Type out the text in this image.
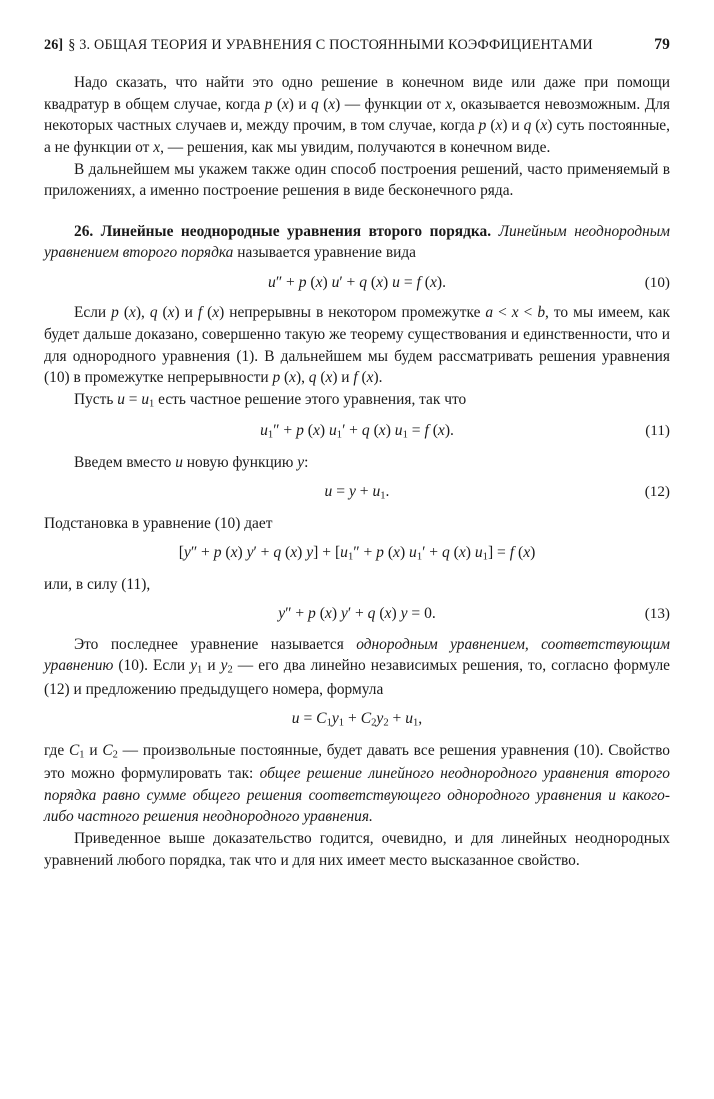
26] § 3. ОБЩАЯ ТЕОРИЯ И УРАВНЕНИЯ С ПОСТОЯННЫМИ КОЭФФИЦИЕНТАМИ	79

Надо сказать, что найти это одно решение в конечном виде или даже при помощи квадратур в общем случае, когда p (x) и q (x) — функции от x, оказывается невозможным. Для некоторых частных случаев и, между прочим, в том случае, когда p (x) и q (x) суть постоянные, а не функции от x, — решения, как мы увидим, получаются в конечном виде.

В дальнейшем мы укажем также один способ построения решений, часто применяемый в приложениях, а именно построение решения в виде бесконечного ряда.

26. Линейные неоднородные уравнения второго порядка. Линейным неоднородным уравнением второго порядка называется уравнение вида
u″ + p (x) u′ + q (x) u = f (x).	(10)

Если p (x), q (x) и f (x) непрерывны в некотором промежутке a < x < b, то мы имеем, как будет дальше доказано, совершенно такую же теорему существования и единственности, что и для однородного уравнения (1). В дальнейшем мы будем рассматривать решения уравнения (10) в промежутке непрерывности p (x), q (x) и f (x).

Пусть $u = u_1$ есть частное решение этого уравнения, так что

$u_1'' + p$ (x) $u_1' + q$ (x) $u_1 = f$ (x).	(11)

Введем вместо u новую функцию y:

$u = y + u_1$.	(12)

Подстановка в уравнение (10) дает

[y″ + p (x) y′ + q (x) $y] + [u_1'' + p$ (x) $u_1' + q$ (x) $u_1] = f$ (x)

или, в силу (11),

y″ + p (x) y′ + q (x) y = 0.	(13)

Это последнее уравнение называется однородным уравнением, соответствующим уравнению (10). Если $y_1$ и $y_2$ — его два линейно независимых решения, то, согласно формуле (12) и предложению предыдущего номера, формула

$u = C_1y_1 + C_2y_2 + u_1$,

где $C_1$ и $C_2$ — произвольные постоянные, будет давать все решения уравнения (10). Свойство это можно формулировать так: общее решение линейного неоднородного уравнения второго порядка равно сумме общего решения соответствующего однородного уравнения и какого-либо частного решения неоднородного уравнения.

Приведенное выше доказательство годится, очевидно, и для линейных неоднородных уравнений любого порядка, так что и для них имеет место высказанное свойство.
